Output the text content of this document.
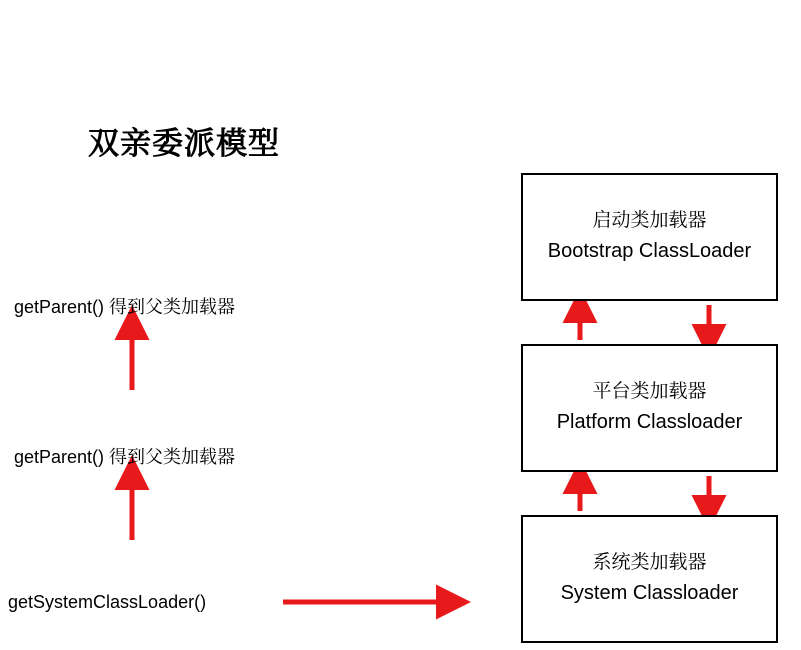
双亲委派模型
getParent() 得到父类加载器
getParent() 得到父类加载器
getSystemClassLoader()
启动类加载器
Bootstrap ClassLoader
平台类加载器
Platform Classloader
系统类加载器
System Classloader
